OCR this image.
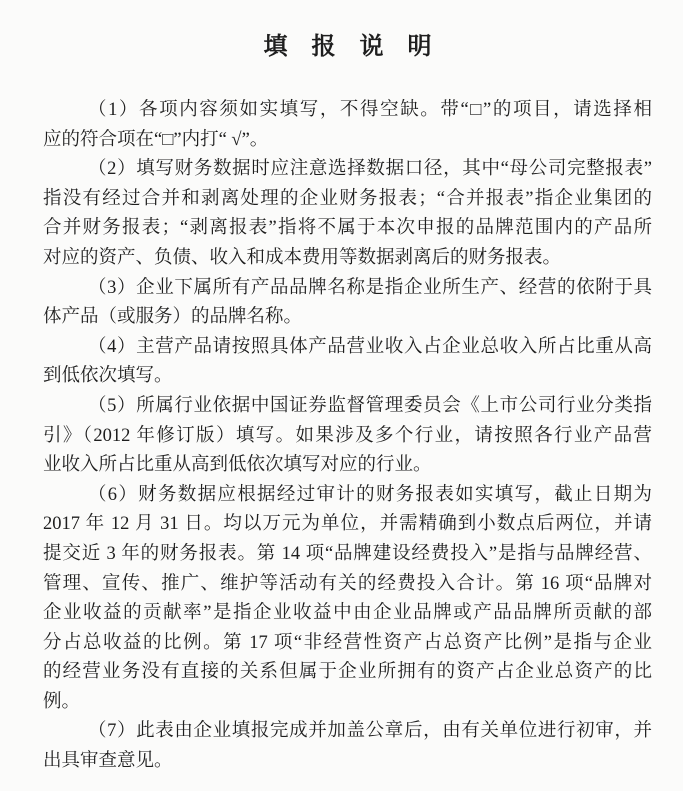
填 报 说 明
（1）各项内容须如实填写，不得空缺。带“□”的项目，请选择相
应的符合项在“□”内打“ √”。
（2）填写财务数据时应注意选择数据口径，其中“母公司完整报表”
指没有经过合并和剥离处理的企业财务报表；“合并报表”指企业集团的
合并财务报表；“剥离报表”指将不属于本次申报的品牌范围内的产品所
对应的资产、负债、收入和成本费用等数据剥离后的财务报表。
（3）企业下属所有产品品牌名称是指企业所生产、经营的依附于具
体产品（或服务）的品牌名称。
（4）主营产品请按照具体产品营业收入占企业总收入所占比重从高
到低依次填写。
（5）所属行业依据中国证券监督管理委员会《上市公司行业分类指
引》（2012 年修订版）填写。如果涉及多个行业，请按照各行业产品营
业收入所占比重从高到低依次填写对应的行业。
（6）财务数据应根据经过审计的财务报表如实填写，截止日期为
2017 年 12 月 31 日。均以万元为单位，并需精确到小数点后两位，并请
提交近 3 年的财务报表。第 14 项“品牌建设经费投入”是指与品牌经营、
管理、宣传、推广、维护等活动有关的经费投入合计。第 16 项“品牌对
企业收益的贡献率”是指企业收益中由企业品牌或产品品牌所贡献的部
分占总收益的比例。第 17 项“非经营性资产占总资产比例”是指与企业
的经营业务没有直接的关系但属于企业所拥有的资产占企业总资产的比
例。
（7）此表由企业填报完成并加盖公章后，由有关单位进行初审，并
出具审查意见。
